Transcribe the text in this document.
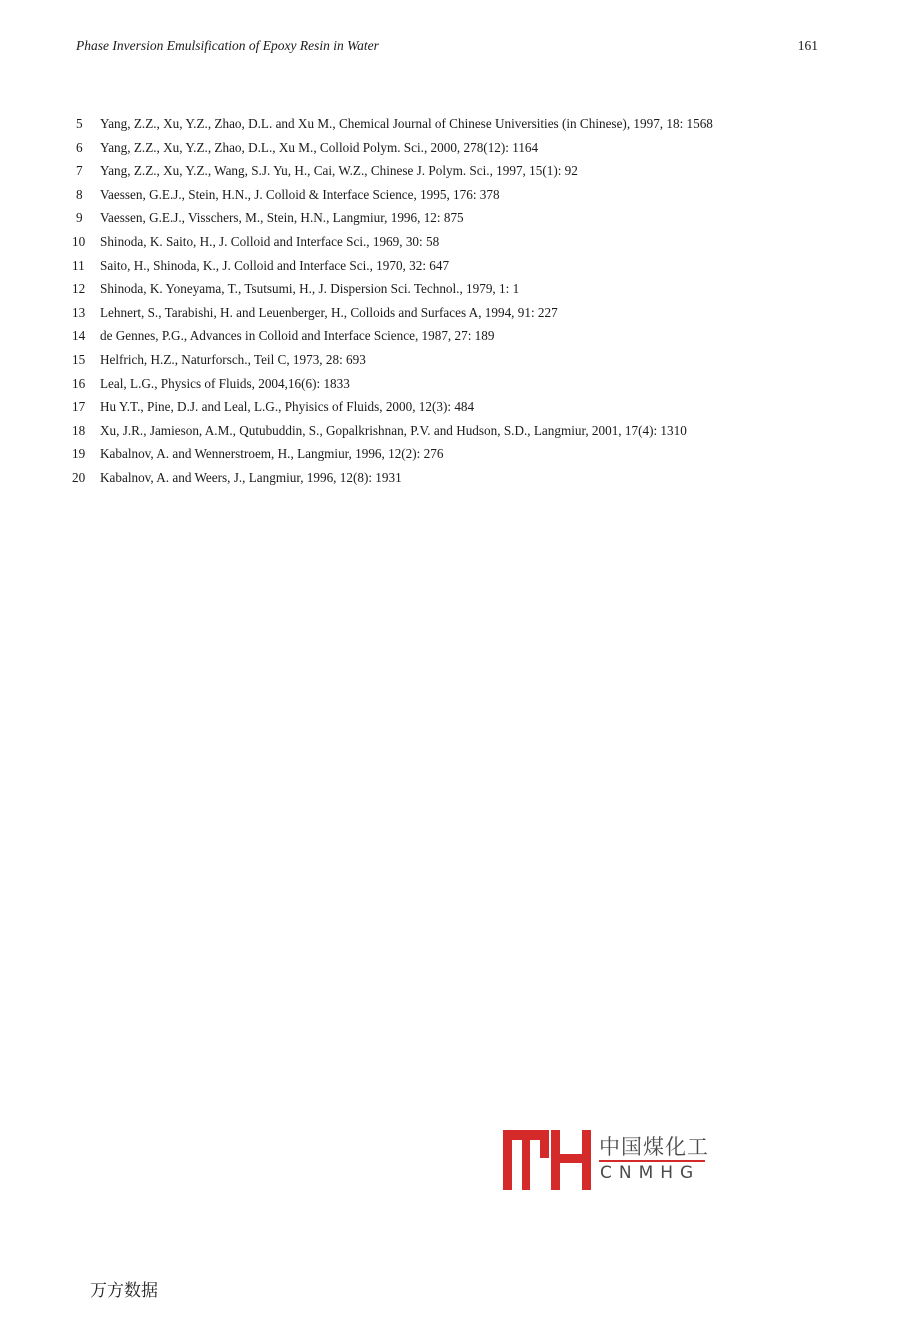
Phase Inversion Emulsification of Epoxy Resin in Water	161
5	Yang, Z.Z., Xu, Y.Z., Zhao, D.L. and Xu M., Chemical Journal of Chinese Universities (in Chinese), 1997, 18: 1568
6	Yang, Z.Z., Xu, Y.Z., Zhao, D.L., Xu M., Colloid Polym. Sci., 2000, 278(12): 1164
7	Yang, Z.Z., Xu, Y.Z., Wang, S.J. Yu, H., Cai, W.Z., Chinese J. Polym. Sci., 1997, 15(1): 92
8	Vaessen, G.E.J., Stein, H.N., J. Colloid & Interface Science, 1995, 176: 378
9	Vaessen, G.E.J., Visschers, M., Stein, H.N., Langmiur, 1996, 12: 875
10	Shinoda, K. Saito, H., J. Colloid and Interface Sci., 1969, 30: 58
11	Saito, H., Shinoda, K., J. Colloid and Interface Sci., 1970, 32: 647
12	Shinoda, K. Yoneyama, T., Tsutsumi, H., J. Dispersion Sci. Technol., 1979, 1: 1
13	Lehnert, S., Tarabishi, H. and Leuenberger, H., Colloids and Surfaces A, 1994, 91: 227
14	de Gennes, P.G., Advances in Colloid and Interface Science, 1987, 27: 189
15	Helfrich, H.Z., Naturforsch., Teil C, 1973, 28: 693
16	Leal, L.G., Physics of Fluids, 2004,16(6): 1833
17	Hu Y.T., Pine, D.J. and Leal, L.G., Phyisics of Fluids, 2000, 12(3): 484
18	Xu, J.R., Jamieson, A.M., Qutubuddin, S., Gopalkrishnan, P.V. and Hudson, S.D., Langmiur, 2001, 17(4): 1310
19	Kabalnov, A. and Wennerstroem, H., Langmiur, 1996, 12(2): 276
20	Kabalnov, A. and Weers, J., Langmiur, 1996, 12(8): 1931
中国煤化工
CNMHG
万方数据
